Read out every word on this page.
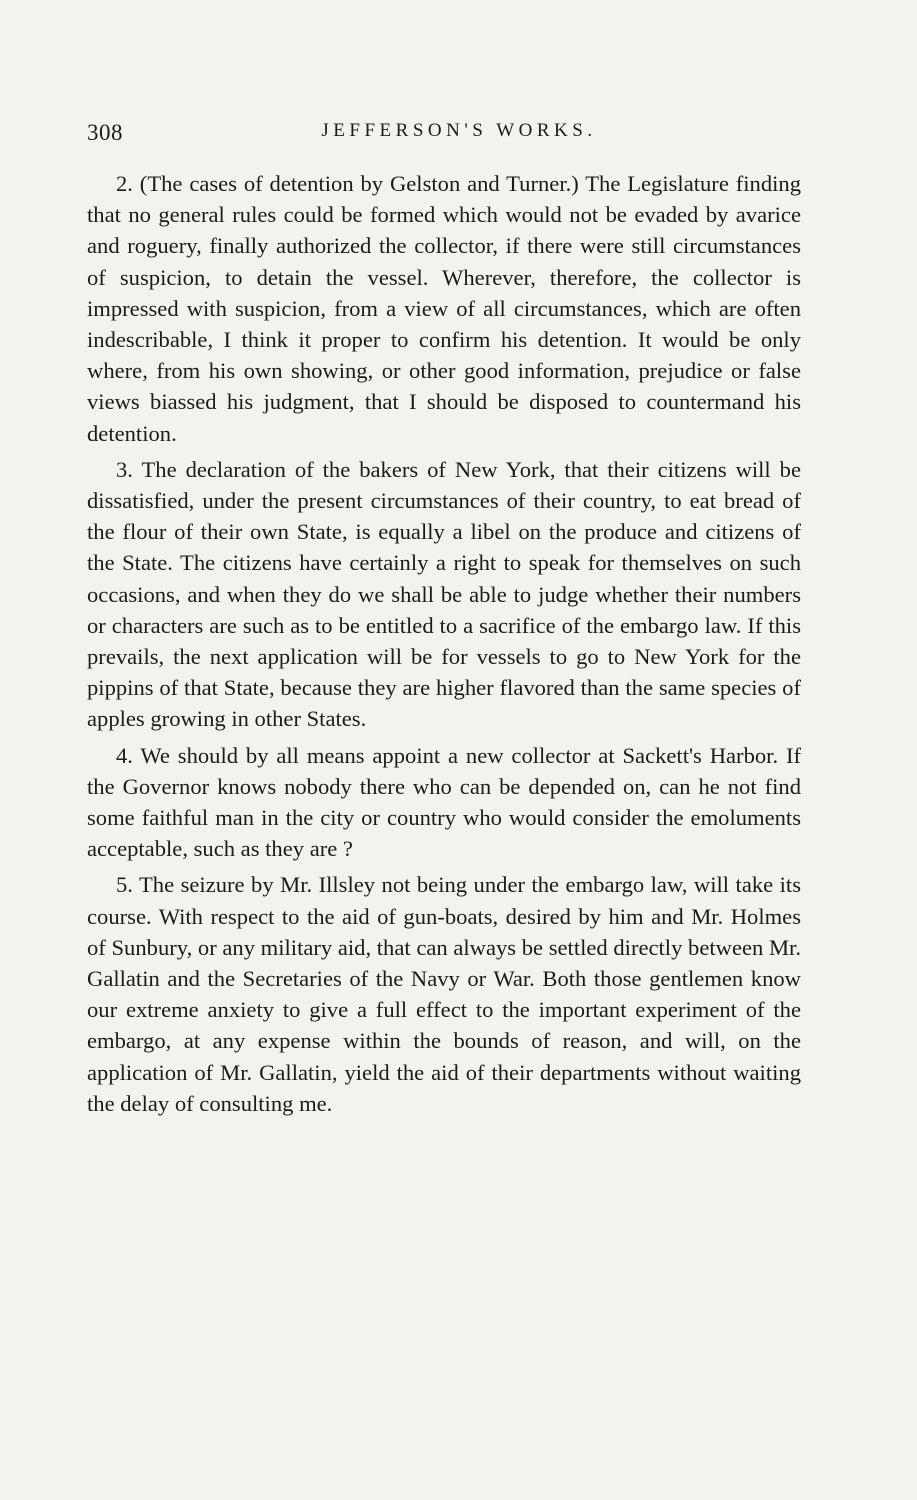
308	JEFFERSON'S WORKS.

2. (The cases of detention by Gelston and Turner.) The Legislature finding that no general rules could be formed which would not be evaded by avarice and roguery, finally authorized the collector, if there were still circumstances of suspicion, to detain the vessel. Wherever, therefore, the collector is impressed with suspicion, from a view of all circumstances, which are often indescribable, I think it proper to confirm his detention. It would be only where, from his own showing, or other good information, prejudice or false views biassed his judgment, that I should be disposed to countermand his detention.

3. The declaration of the bakers of New York, that their citizens will be dissatisfied, under the present circumstances of their country, to eat bread of the flour of their own State, is equally a libel on the produce and citizens of the State. The citizens have certainly a right to speak for themselves on such occasions, and when they do we shall be able to judge whether their numbers or characters are such as to be entitled to a sacrifice of the embargo law. If this prevails, the next application will be for vessels to go to New York for the pippins of that State, because they are higher flavored than the same species of apples growing in other States.

4. We should by all means appoint a new collector at Sackett's Harbor. If the Governor knows nobody there who can be depended on, can he not find some faithful man in the city or country who would consider the emoluments acceptable, such as they are ?

5. The seizure by Mr. Illsley not being under the embargo law, will take its course. With respect to the aid of gun-boats, desired by him and Mr. Holmes of Sunbury, or any military aid, that can always be settled directly between Mr. Gallatin and the Secretaries of the Navy or War. Both those gentlemen know our extreme anxiety to give a full effect to the important experiment of the embargo, at any expense within the bounds of reason, and will, on the application of Mr. Gallatin, yield the aid of their departments without waiting the delay of consulting me.
